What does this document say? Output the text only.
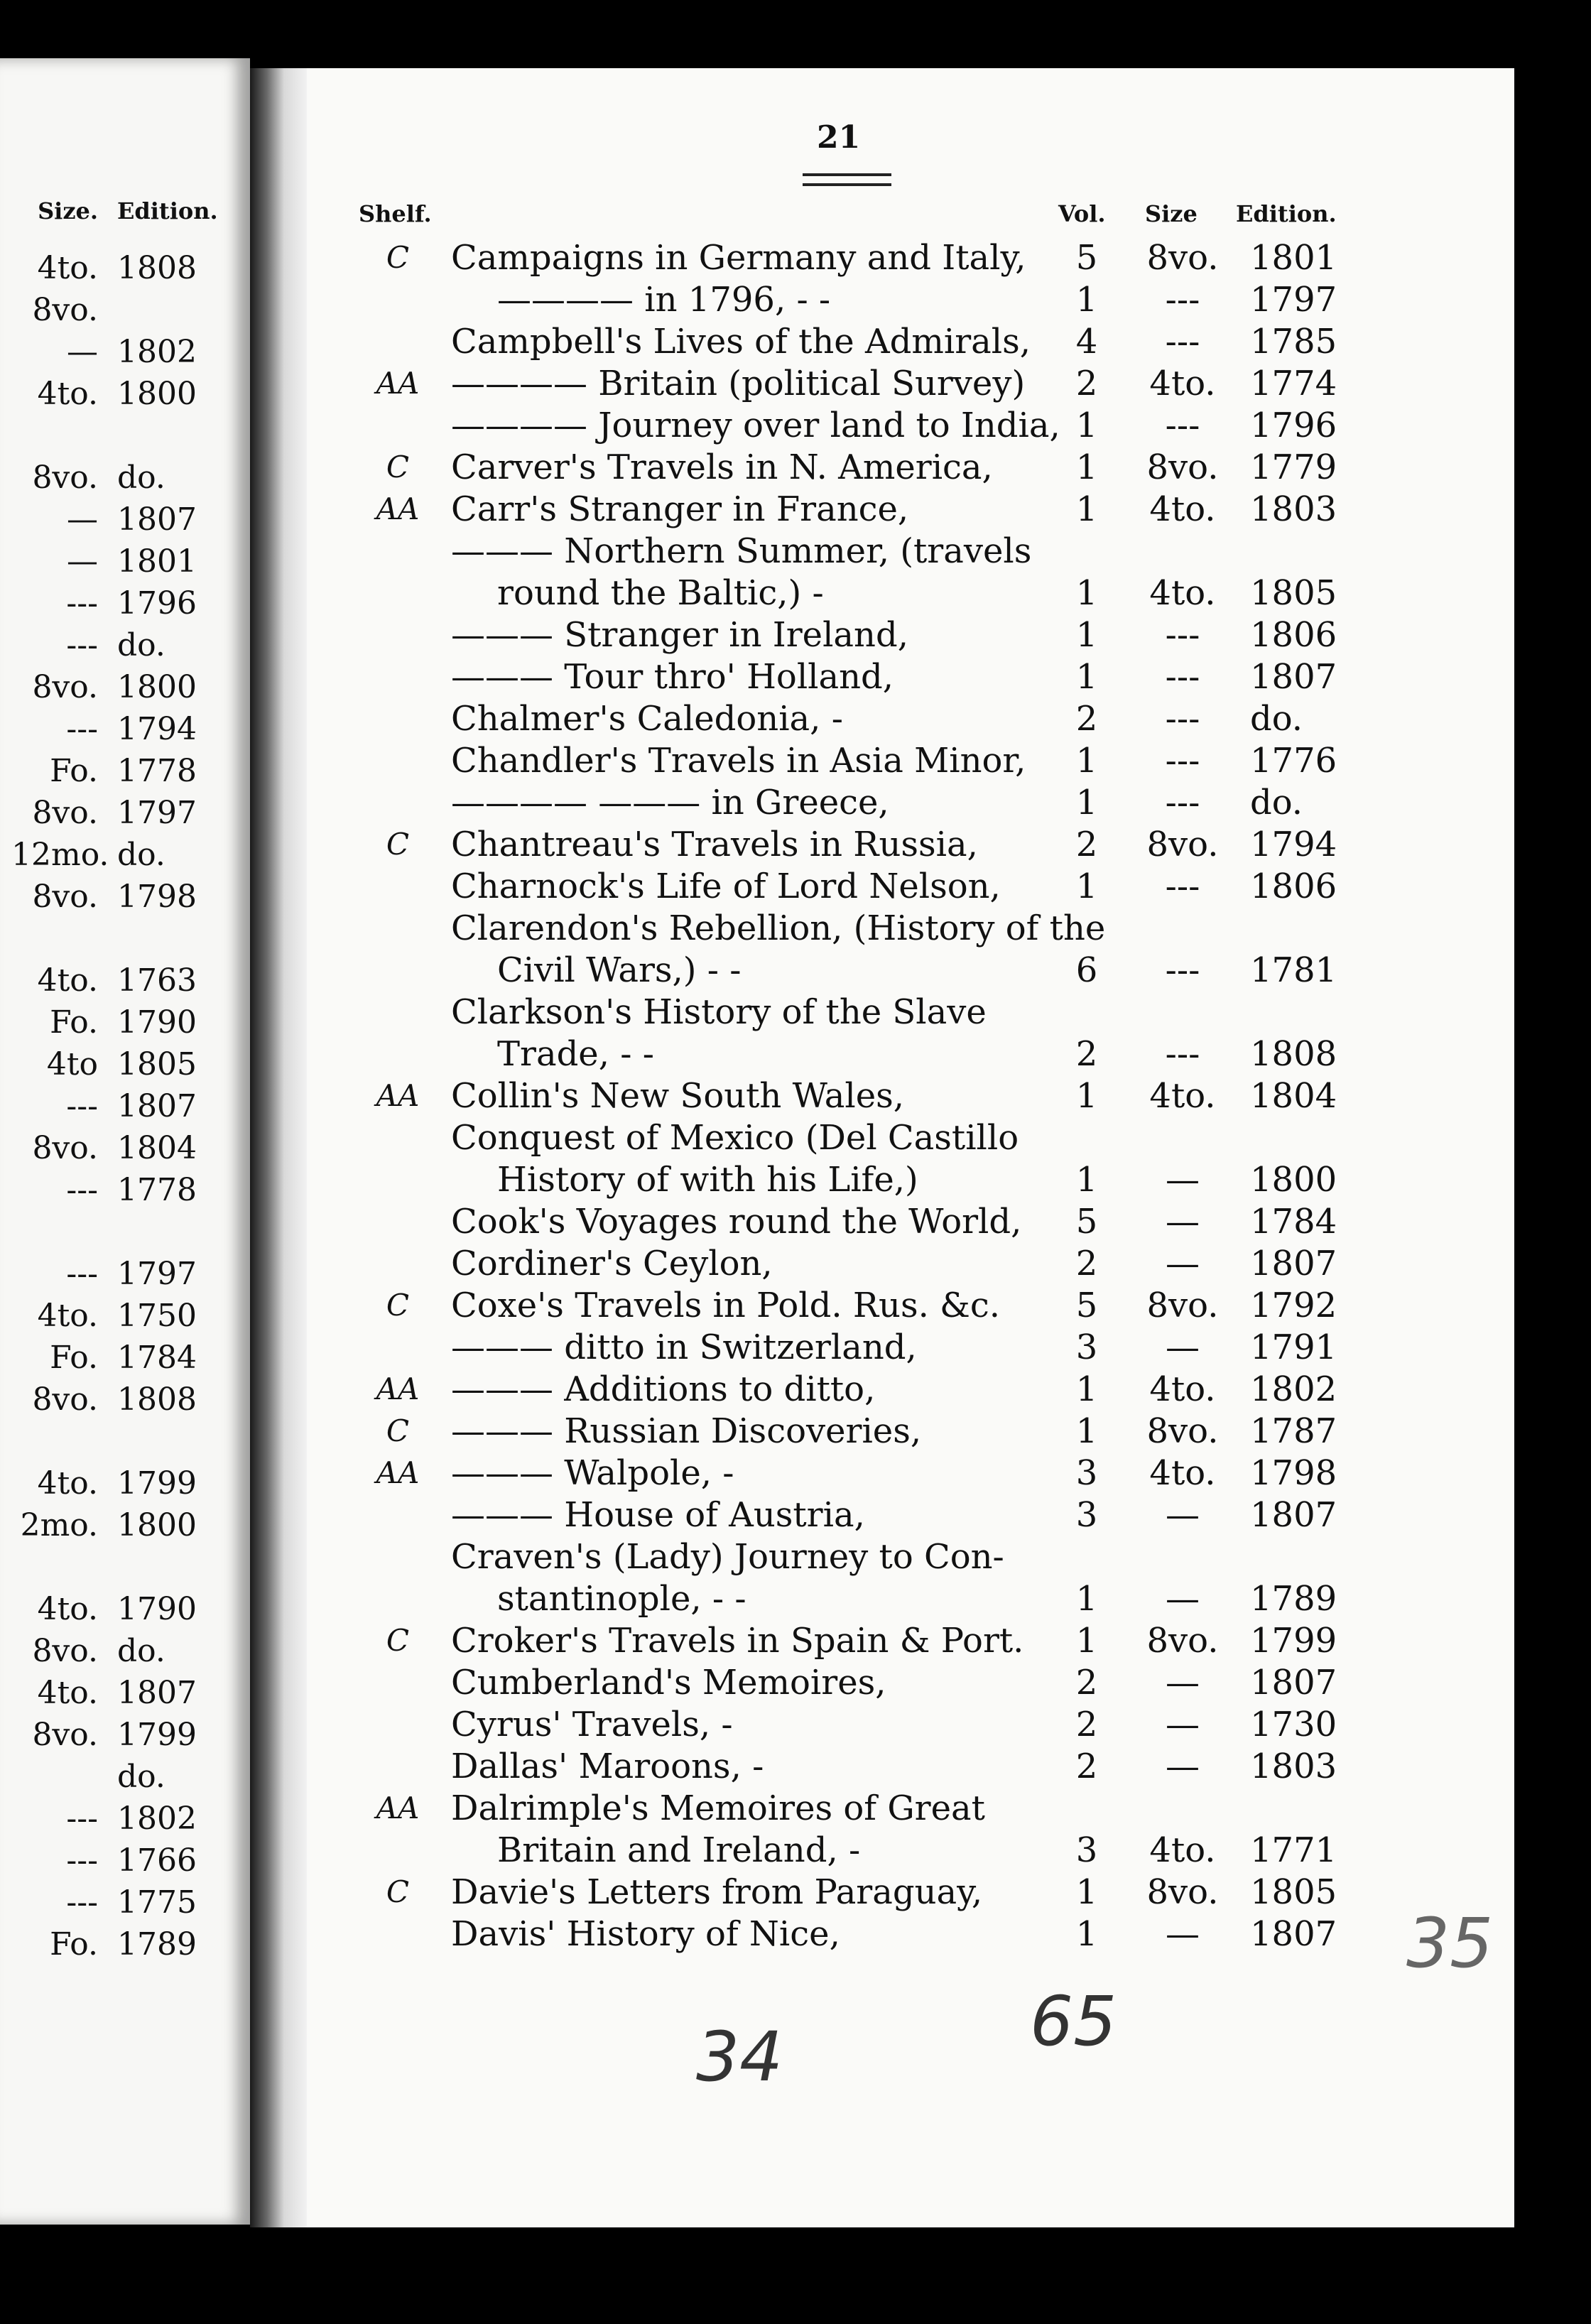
Size. Edition.
4to. 1808
8vo.
— 1802
4to. 1800
8vo. do.
— 1807
— 1801
--- 1796
--- do.
8vo. 1800
--- 1794
Fo. 1778
8vo. 1797
12mo. do.
8vo. 1798
4to. 1763
Fo. 1790
4to 1805
--- 1807
8vo. 1804
--- 1778
--- 1797
4to. 1750
Fo. 1784
8vo. 1808
4to. 1799
2mo. 1800
4to. 1790
8vo. do.
4to. 1807
8vo. 1799
do.
--- 1802
--- 1766
--- 1775
Fo. 1789
21
Shelf.	Vol. Size Edition.
C	Campaigns in Germany and Italy, 5	8vo. 1801
———— in 1796, - -	1	---	1797
Campbell's Lives of the Admirals, 4	---	1785
AA ———— Britain (political Survey) 2	4to.	1774
———— Journey over land to India, 1	---	1796
C	Carver's Travels in N. America, 1	8vo. 1779
AA Carr's Stranger in France,	1	4to.	1803
——— Northern Summer, (travels
round the Baltic,) -	1	4to.	1805
——— Stranger in Ireland,	1	---	1806
——— Tour thro' Holland,	1	---	1807
Chalmer's Caledonia, -	2	---	do.
Chandler's Travels in Asia Minor, 1	---	1776
———— ——— in Greece,	1	---	do.
C	Chantreau's Travels in Russia,	2	8vo. 1794
Charnock's Life of Lord Nelson, 1	---	1806
Clarendon's Rebellion, (History of the
Civil Wars,) - -	6	---	1781
Clarkson's History of the Slave
Trade, - -	2	---	1808
AA Collin's New South Wales,	1	4to.	1804
Conquest of Mexico (Del Castillo
History of with his Life,)	1	—	1800
Cook's Voyages round the World, 5	—	1784
Cordiner's Ceylon,	2	—	1807
C	Coxe's Travels in Pold. Rus. &c. 5	8vo. 1792
——— ditto in Switzerland,	3	—	1791
AA ——— Additions to ditto,	1	4to.	1802
C	——— Russian Discoveries,	1	8vo. 1787
AA ——— Walpole, -	3	4to.	1798
——— House of Austria,	3	—	1807
Craven's (Lady) Journey to Con-
stantinople, - -	1	—	1789
C	Croker's Travels in Spain & Port. 1	8vo. 1799
Cumberland's Memoires,	2	—	1807
Cyrus' Travels, -	2	—	1730
Dallas' Maroons, -	2	—	1803
AA Dalrimple's Memoires of Great
Britain and Ireland, -	3	4to.	1771
C	Davie's Letters from Paraguay,	1	8vo. 1805
Davis' History of Nice,	1	—	1807
34	65
35
